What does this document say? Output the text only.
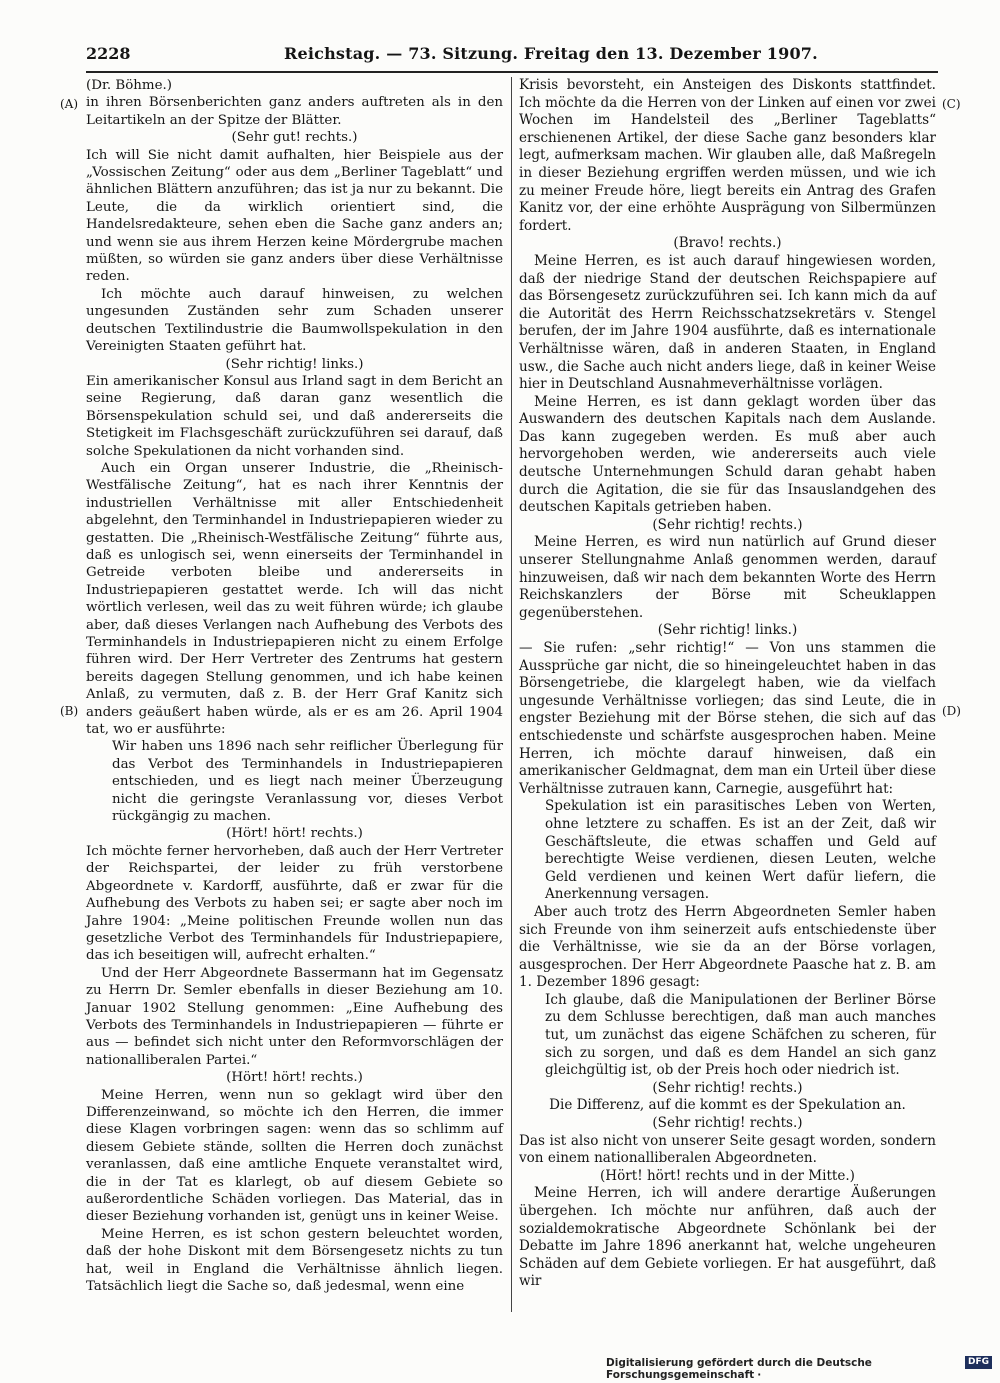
2228	Reichstag. — 73. Sitzung. Freitag den 13. Dezember 1907.

(Dr. Böhme.)

in ihren Börsenberichten ganz anders auftreten als in den Leitartikeln an der Spitze der Blätter.

(Sehr gut! rechts.)

Ich will Sie nicht damit aufhalten, hier Beispiele aus der „Vossischen Zeitung“ oder aus dem „Berliner Tageblatt“ und ähnlichen Blättern anzuführen; das ist ja nur zu bekannt. Die Leute, die da wirklich orientiert sind, die Handelsredakteure, sehen eben die Sache ganz anders an; und wenn sie aus ihrem Herzen keine Mördergrube machen müßten, so würden sie ganz anders über diese Verhältnisse reden.

Ich möchte auch darauf hinweisen, zu welchen ungesunden Zuständen sehr zum Schaden unserer deutschen Textilindustrie die Baumwollspekulation in den Vereinigten Staaten geführt hat.

(Sehr richtig! links.)

Ein amerikanischer Konsul aus Irland sagt in dem Bericht an seine Regierung, daß daran ganz wesentlich die Börsenspekulation schuld sei, und daß andererseits die Stetigkeit im Flachsgeschäft zurückzuführen sei darauf, daß solche Spekulationen da nicht vorhanden sind.

Auch ein Organ unserer Industrie, die „Rheinisch-Westfälische Zeitung“, hat es nach ihrer Kenntnis der industriellen Verhältnisse mit aller Entschiedenheit abgelehnt, den Terminhandel in Industriepapieren wieder zu gestatten. Die „Rheinisch-Westfälische Zeitung“ führte aus, daß es unlogisch sei, wenn einerseits der Terminhandel in Getreide verboten bleibe und andererseits in Industriepapieren gestattet werde. Ich will das nicht wörtlich verlesen, weil das zu weit führen würde; ich glaube aber, daß dieses Verlangen nach Aufhebung des Verbots des Terminhandels in Industriepapieren nicht zu einem Erfolge führen wird. Der Herr Vertreter des Zentrums hat gestern bereits dagegen Stellung genommen, und ich habe keinen Anlaß, zu vermuten, daß z. B. der Herr Graf Kanitz sich anders geäußert haben würde, als er es am 26. April 1904 tat, wo er ausführte:

Wir haben uns 1896 nach sehr reiflicher Überlegung für das Verbot des Terminhandels in Industriepapieren entschieden, und es liegt nach meiner Überzeugung nicht die geringste Veranlassung vor, dieses Verbot rückgängig zu machen.

(Hört! hört! rechts.)

Ich möchte ferner hervorheben, daß auch der Herr Vertreter der Reichspartei, der leider zu früh verstorbene Abgeordnete v. Kardorff, ausführte, daß er zwar für die Aufhebung des Verbots zu haben sei; er sagte aber noch im Jahre 1904: „Meine politischen Freunde wollen nun das gesetzliche Verbot des Terminhandels für Industriepapiere, das ich beseitigen will, aufrecht erhalten.“

Und der Herr Abgeordnete Bassermann hat im Gegensatz zu Herrn Dr. Semler ebenfalls in dieser Beziehung am 10. Januar 1902 Stellung genommen: „Eine Aufhebung des Verbots des Terminhandels in Industriepapieren — führte er aus — befindet sich nicht unter den Reformvorschlägen der nationalliberalen Partei.“

(Hört! hört! rechts.)

Meine Herren, wenn nun so geklagt wird über den Differenzeinwand, so möchte ich den Herren, die immer diese Klagen vorbringen sagen: wenn das so schlimm auf diesem Gebiete stände, sollten die Herren doch zunächst veranlassen, daß eine amtliche Enquete veranstaltet wird, die in der Tat es klarlegt, ob auf diesem Gebiete so außerordentliche Schäden vorliegen. Das Material, das in dieser Beziehung vorhanden ist, genügt uns in keiner Weise.

Meine Herren, es ist schon gestern beleuchtet worden, daß der hohe Diskont mit dem Börsengesetz nichts zu tun hat, weil in England die Verhältnisse ähnlich liegen. Tatsächlich liegt die Sache so, daß jedesmal, wenn eine

Krisis bevorsteht, ein Ansteigen des Diskonts stattfindet. Ich möchte da die Herren von der Linken auf einen vor zwei Wochen im Handelsteil des „Berliner Tageblatts“ erschienenen Artikel, der diese Sache ganz besonders klar legt, aufmerksam machen. Wir glauben alle, daß Maßregeln in dieser Beziehung ergriffen werden müssen, und wie ich zu meiner Freude höre, liegt bereits ein Antrag des Grafen Kanitz vor, der eine erhöhte Ausprägung von Silbermünzen fordert.

(Bravo! rechts.)

Meine Herren, es ist auch darauf hingewiesen worden, daß der niedrige Stand der deutschen Reichspapiere auf das Börsengesetz zurückzuführen sei. Ich kann mich da auf die Autorität des Herrn Reichsschatzsekretärs v. Stengel berufen, der im Jahre 1904 ausführte, daß es internationale Verhältnisse wären, daß in anderen Staaten, in England usw., die Sache auch nicht anders liege, daß in keiner Weise hier in Deutschland Ausnahmeverhältnisse vorlägen.

Meine Herren, es ist dann geklagt worden über das Auswandern des deutschen Kapitals nach dem Auslande. Das kann zugegeben werden. Es muß aber auch hervorgehoben werden, wie andererseits auch viele deutsche Unternehmungen Schuld daran gehabt haben durch die Agitation, die sie für das Insauslandgehen des deutschen Kapitals getrieben haben.

(Sehr richtig! rechts.)

Meine Herren, es wird nun natürlich auf Grund dieser unserer Stellungnahme Anlaß genommen werden, darauf hinzuweisen, daß wir nach dem bekannten Worte des Herrn Reichskanzlers der Börse mit Scheuklappen gegenüberstehen.

(Sehr richtig! links.)

— Sie rufen: „sehr richtig!“ — Von uns stammen die Aussprüche gar nicht, die so hineingeleuchtet haben in das Börsengetriebe, die klargelegt haben, wie da vielfach ungesunde Verhältnisse vorliegen; das sind Leute, die in engster Beziehung mit der Börse stehen, die sich auf das entschiedenste und schärfste ausgesprochen haben. Meine Herren, ich möchte darauf hinweisen, daß ein amerikanischer Geldmagnat, dem man ein Urteil über diese Verhältnisse zutrauen kann, Carnegie, ausgeführt hat:

Spekulation ist ein parasitisches Leben von Werten, ohne letztere zu schaffen. Es ist an der Zeit, daß wir Geschäftsleute, die etwas schaffen und Geld auf berechtigte Weise verdienen, diesen Leuten, welche Geld verdienen und keinen Wert dafür liefern, die Anerkennung versagen.

Aber auch trotz des Herrn Abgeordneten Semler haben sich Freunde von ihm seinerzeit aufs entschiedenste über die Verhältnisse, wie sie da an der Börse vorlagen, ausgesprochen. Der Herr Abgeordnete Paasche hat z. B. am 1. Dezember 1896 gesagt:

Ich glaube, daß die Manipulationen der Berliner Börse zu dem Schlusse berechtigen, daß man auch manches tut, um zunächst das eigene Schäfchen zu scheren, für sich zu sorgen, und daß es dem Handel an sich ganz gleichgültig ist, ob der Preis hoch oder niedrich ist.

(Sehr richtig! rechts.)

Die Differenz, auf die kommt es der Spekulation an.

(Sehr richtig! rechts.)

Das ist also nicht von unserer Seite gesagt worden, sondern von einem nationalliberalen Abgeordneten.

(Hört! hört! rechts und in der Mitte.)

Meine Herren, ich will andere derartige Äußerungen übergehen. Ich möchte nur anführen, daß auch der sozialdemokratische Abgeordnete Schönlank bei der Debatte im Jahre 1896 anerkannt hat, welche ungeheuren Schäden auf dem Gebiete vorliegen. Er hat ausgeführt, daß wir

(A)
(B)
(C)
(D)
Digitalisierung gefördert durch die Deutsche Forschungsgemeinschaft ·
DFG
